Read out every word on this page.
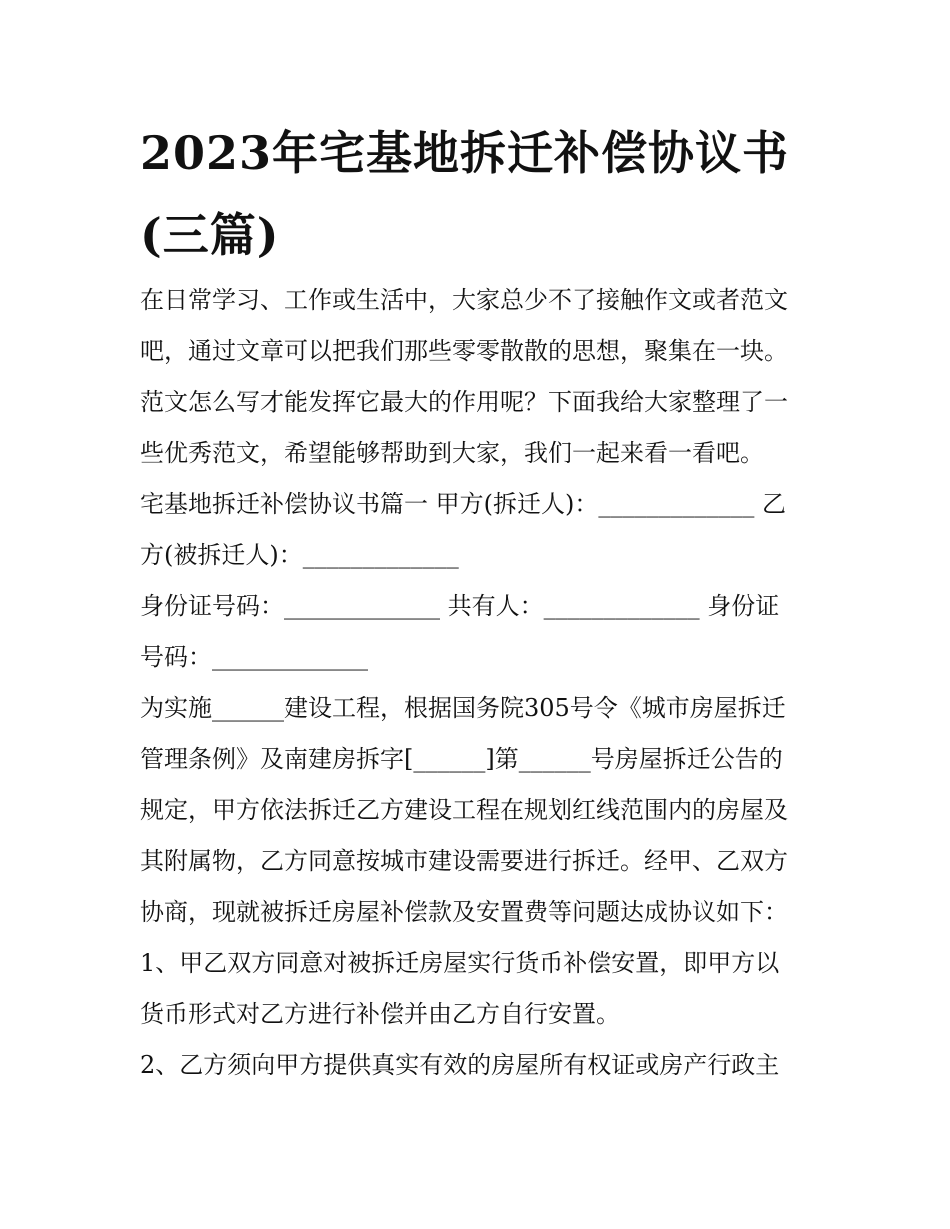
2023年宅基地拆迁补偿协议书
(三篇)
在日常学习、工作或生活中，大家总少不了接触作文或者范文
吧，通过文章可以把我们那些零零散散的思想，聚集在一块。
范文怎么写才能发挥它最大的作用呢？下面我给大家整理了一
些优秀范文，希望能够帮助到大家，我们一起来看一看吧。
宅基地拆迁补偿协议书篇一 甲方(拆迁人)：_____________ 乙
方(被拆迁人)：_____________
身份证号码：_____________ 共有人：_____________ 身份证
号码：_____________
为实施______建设工程，根据国务院305号令《城市房屋拆迁
管理条例》及南建房拆字[______]第______号房屋拆迁公告的
规定，甲方依法拆迁乙方建设工程在规划红线范围内的房屋及
其附属物，乙方同意按城市建设需要进行拆迁。经甲、乙双方
协商，现就被拆迁房屋补偿款及安置费等问题达成协议如下：
1、甲乙双方同意对被拆迁房屋实行货币补偿安置，即甲方以
货币形式对乙方进行补偿并由乙方自行安置。
2、乙方须向甲方提供真实有效的房屋所有权证或房产行政主
